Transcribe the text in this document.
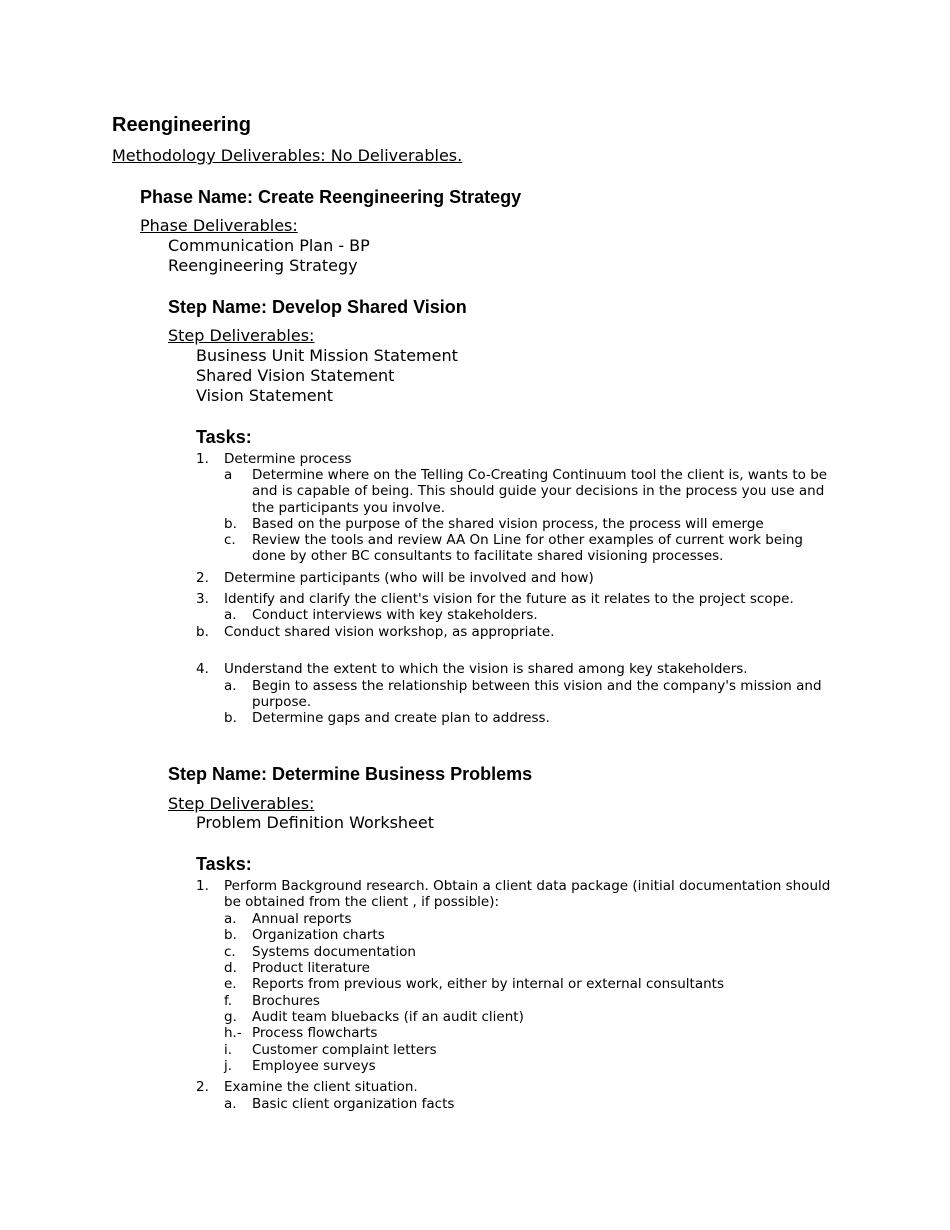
Reengineering
Methodology Deliverables: No Deliverables.
Phase Name: Create Reengineering Strategy
Phase Deliverables:
Communication Plan - BP
Reengineering Strategy
Step Name: Develop Shared Vision
Step Deliverables:
Business Unit Mission Statement
Shared Vision Statement
Vision Statement
Tasks:
1.	Determine process
a	Determine where on the Telling Co-Creating Continuum tool the client is, wants to be and is capable of being. This should guide your decisions in the process you use and the participants you involve.
b.	Based on the purpose of the shared vision process, the process will emerge
c.	Review the tools and review AA On Line for other examples of current work being done by other BC consultants to facilitate shared visioning processes.
2.	Determine participants (who will be involved and how)
3.	Identify and clarify the client's vision for the future as it relates to the project scope.
a.	Conduct interviews with key stakeholders.
b.	Conduct shared vision workshop, as appropriate.
4.	Understand the extent to which the vision is shared among key stakeholders.
a.	Begin to assess the relationship between this vision and the company's mission and purpose.
b.	Determine gaps and create plan to address.
Step Name: Determine Business Problems
Step Deliverables:
Problem Definition Worksheet
Tasks:
1.	Perform Background research. Obtain a client data package (initial documentation should be obtained from the client , if possible):
a.	Annual reports
b.	Organization charts
c.	Systems documentation
d.	Product literature
e.	Reports from previous work, either by internal or external consultants
f.	Brochures
g.	Audit team bluebacks (if an audit client)
h.- Process flowcharts
i.	Customer complaint letters
j.	Employee surveys
2.	Examine the client situation.
a.	Basic client organization facts
